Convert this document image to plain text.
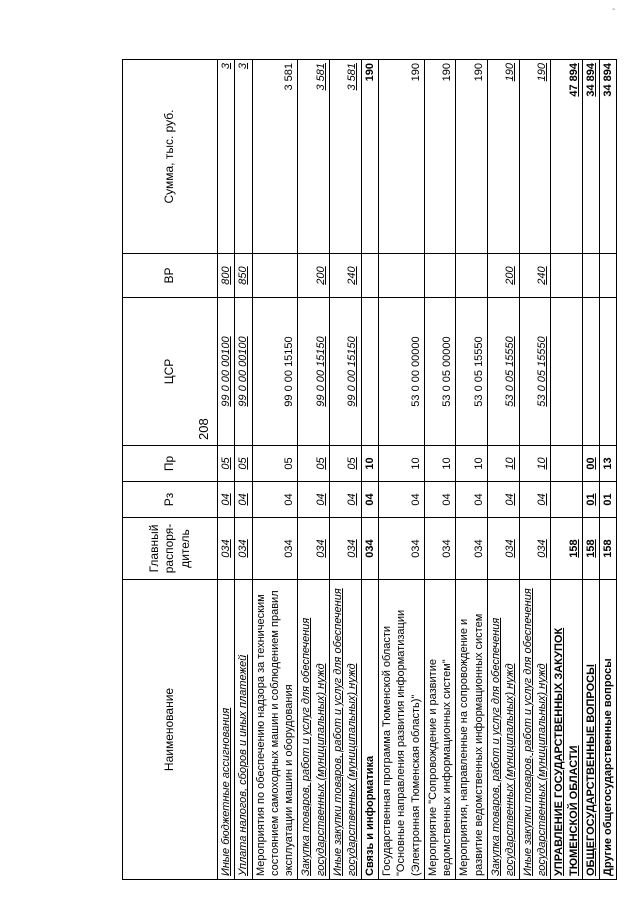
-
208
Наименование	Главный распоря-дитель	Рз	Пр	ЦСР	ВР	Сумма, тыс. руб.
Иные бюджетные ассигнования	034	04	05	99 0 00 00100	800	3
Уплата налогов, сборов и иных платежей	034	04	05	99 0 00 00100	850	3
Мероприятия по обеспечению надзора за техническим состоянием самоходных машин и соблюдением правил эксплуатации машин и оборудования	034	04	05	99 0 00 15150		3 581
Закупка товаров, работ и услуг для обеспечения государственных (муниципальных) нужд	034	04	05	99 0 00 15150	200	3 581
Иные закупки товаров, работ и услуг для обеспечения государственных (муниципальных) нужд	034	04	05	99 0 00 15150	240	3 581
Связь и информатика	034	04	10			190
Государственная программа Тюменской области "Основные направления развития информатизации (Электронная Тюменская область)"	034	04	10	53 0 00 00000		190
Мероприятие "Сопровождение и развитие ведомственных информационных систем"	034	04	10	53 0 05 00000		190
Мероприятия, направленные на сопровождение и развитие ведомственных информационных систем	034	04	10	53 0 05 15550		190
Закупка товаров, работ и услуг для обеспечения государственных (муниципальных) нужд	034	04	10	53 0 05 15550	200	190
Иные закупки товаров, работ и услуг для обеспечения государственных (муниципальных) нужд	034	04	10	53 0 05 15550	240	190
УПРАВЛЕНИЕ ГОСУДАРСТВЕННЫХ ЗАКУПОК ТЮМЕНСКОЙ ОБЛАСТИ	158					47 894
ОБЩЕГОСУДАРСТВЕННЫЕ ВОПРОСЫ	158	01	00			34 894
Другие общегосударственные вопросы	158	01	13			34 894
